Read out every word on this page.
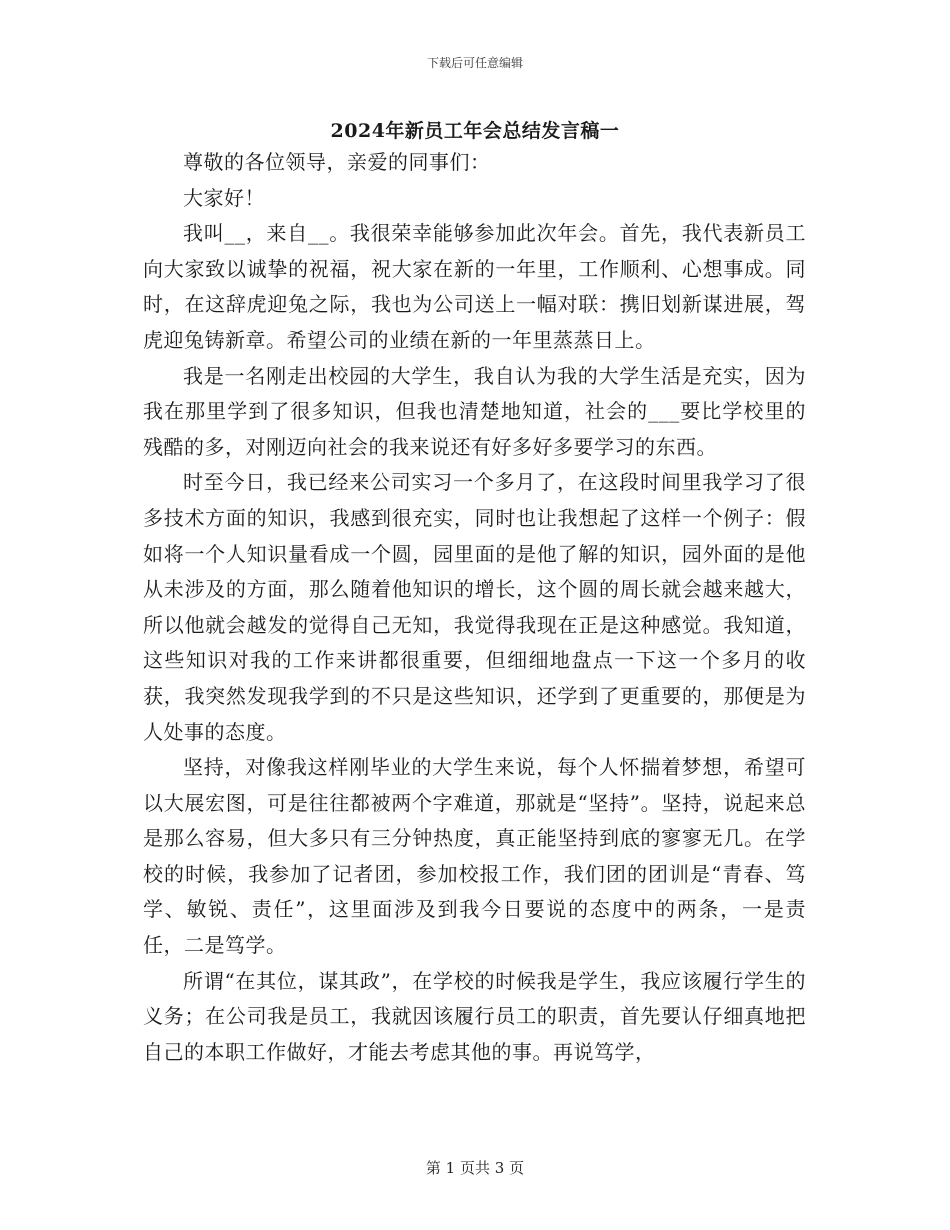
下载后可任意编辑
2024年新员工年会总结发言稿一

尊敬的各位领导，亲爱的同事们：

大家好！

我叫__，来自__。我很荣幸能够参加此次年会。首先，我代表新员工向大家致以诚挚的祝福，祝大家在新的一年里，工作顺利、心想事成。同时，在这辞虎迎兔之际，我也为公司送上一幅对联：携旧划新谋进展，驾虎迎兔铸新章。希望公司的业绩在新的一年里蒸蒸日上。

我是一名刚走出校园的大学生，我自认为我的大学生活是充实，因为我在那里学到了很多知识，但我也清楚地知道，社会的___要比学校里的残酷的多，对刚迈向社会的我来说还有好多好多要学习的东西。

时至今日，我已经来公司实习一个多月了，在这段时间里我学习了很多技术方面的知识，我感到很充实，同时也让我想起了这样一个例子：假如将一个人知识量看成一个圆，园里面的是他了解的知识，园外面的是他从未涉及的方面，那么随着他知识的增长，这个圆的周长就会越来越大，所以他就会越发的觉得自己无知，我觉得我现在正是这种感觉。我知道，这些知识对我的工作来讲都很重要，但细细地盘点一下这一个多月的收获，我突然发现我学到的不只是这些知识，还学到了更重要的，那便是为人处事的态度。

坚持，对像我这样刚毕业的大学生来说，每个人怀揣着梦想，希望可以大展宏图，可是往往都被两个字难道，那就是“坚持”。坚持，说起来总是那么容易，但大多只有三分钟热度，真正能坚持到底的寥寥无几。在学校的时候，我参加了记者团，参加校报工作，我们团的团训是“青春、笃学、敏锐、责任”，这里面涉及到我今日要说的态度中的两条，一是责任，二是笃学。

所谓“在其位，谋其政”，在学校的时候我是学生，我应该履行学生的义务；在公司我是员工，我就因该履行员工的职责，首先要认仔细真地把自己的本职工作做好，才能去考虑其他的事。再说笃学，

第 1 页共 3 页
